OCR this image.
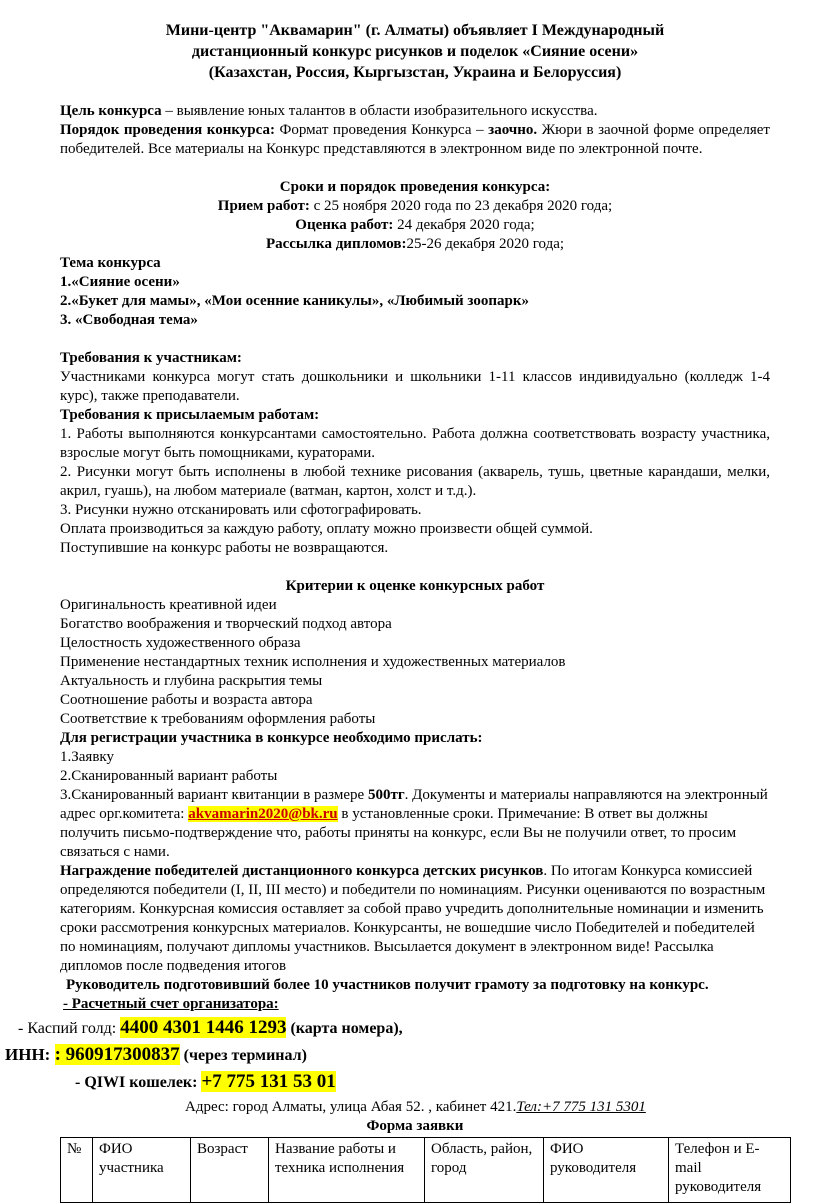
Мини-центр "Аквамарин" (г. Алматы) объявляет I Международный
дистанционный конкурс рисунков и поделок «Сияние осени»
(Казахстан, Россия, Кыргызстан, Украина и Белоруссия)

Цель конкурса – выявление юных талантов в области изобразительного искусства.

Порядок проведения конкурса: Формат проведения Конкурса – заочно. Жюри в заочной форме определяет победителей. Все материалы на Конкурс представляются в электронном виде по электронной почте.

Сроки и порядок проведения конкурса:
Прием работ: с 25 ноября 2020 года по 23 декабря 2020 года;
Оценка работ: 24 декабря 2020 года;
Рассылка дипломов:25-26 декабря 2020 года;
Тема конкурса
1.«Сияние осени»
2.«Букет для мамы», «Мои осенние каникулы», «Любимый зоопарк»
3. «Свободная тема»
Требования к участникам:

Участниками конкурса могут стать дошкольники и школьники 1-11 классов индивидуально (колледж 1-4 курс), также преподаватели.

Требования к присылаемым работам:

1. Работы выполняются конкурсантами самостоятельно. Работа должна соответствовать возрасту участника, взрослые могут быть помощниками, кураторами.

2. Рисунки могут быть исполнены в любой технике рисования (акварель, тушь, цветные карандаши, мелки, акрил, гуашь), на любом материале (ватман, картон, холст и т.д.).

3. Рисунки нужно отсканировать или сфотографировать.
Оплата производиться за каждую работу, оплату можно произвести общей суммой.
Поступившие на конкурс работы не возвращаются.
Критерии к оценке конкурсных работ
Оригинальность креативной идеи
Богатство воображения и творческий подход автора
Целостность художественного образа
Применение нестандартных техник исполнения и художественных материалов
Актуальность и глубина раскрытия темы
Соотношение работы и возраста автора
Соответствие к требованиям оформления работы
Для регистрации участника в конкурсе необходимо прислать:
1.Заявку
2.Сканированный вариант работы

3.Сканированный вариант квитанции в размере 500тг. Документы и материалы направляются на электронный адрес орг.комитета: akvamarin2020@bk.ru в установленные сроки. Примечание: В ответ вы должны получить письмо-подтверждение что, работы приняты на конкурс, если Вы не получили ответ, то просим связаться с нами.

Награждение победителей дистанционного конкурса детских рисунков. По итогам Конкурса комиссией определяются победители (I, II, III место) и победители по номинациям. Рисунки оцениваются по возрастным категориям. Конкурсная комиссия оставляет за собой право учредить дополнительные номинации и изменить сроки рассмотрения конкурсных материалов. Конкурсанты, не вошедшие число Победителей и победителей по номинациям, получают дипломы участников. Высылается документ в электронном виде! Рассылка дипломов после подведения итогов

Руководитель подготовивший более 10 участников получит грамоту за подготовку на конкурс.
- Расчетный счет организатора:
- Каспий голд: 4400 4301 1446 1293 (карта номера),
ИНН: : 960917300837 (через терминал)
- QIWI кошелек: +7 775 131 53 01
Адрес: город Алматы, улица Абая 52. , кабинет 421.Тел:+7 775 131 5301
Форма заявки
№	ФИО участника	Возраст	Название работы и техника исполнения	Область, район, город	ФИО руководителя	Телефон и E-mail руководителя
